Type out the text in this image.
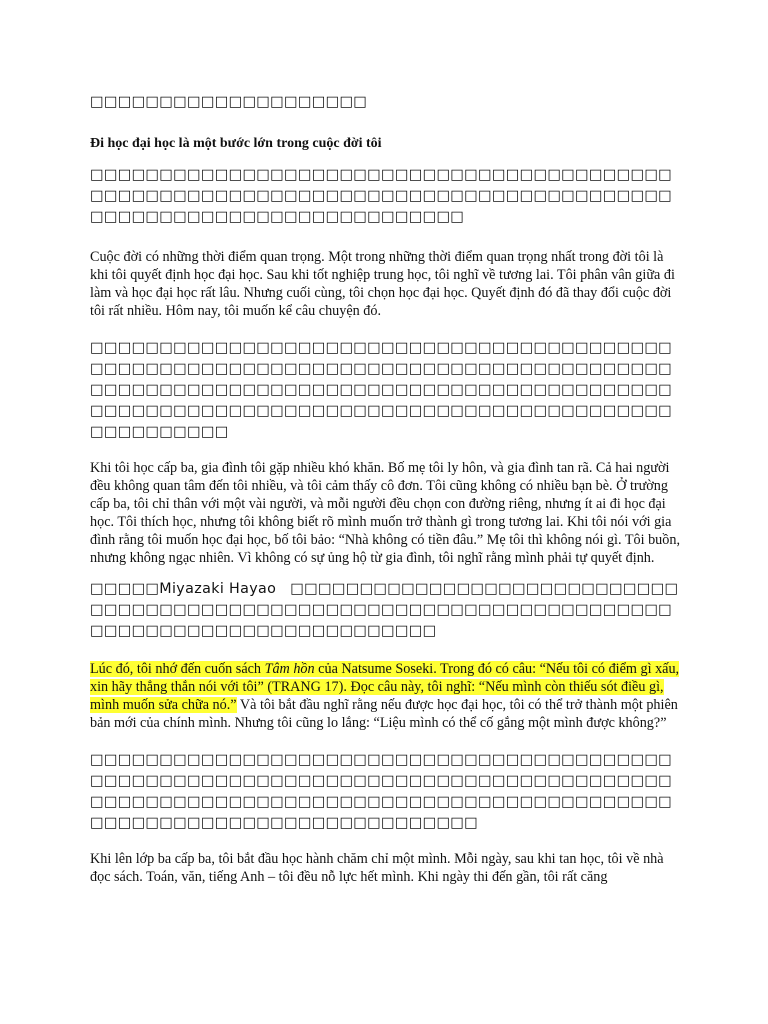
□□□□□□□□□□□□□□□□□□□□

Đi học đại học là một bước lớn trong cuộc đời tôi

□□□□□□□□□□□□□□□□□□□□□□□□□□□□□□□□□□□□□□□□□□□□□□□□□□□□□□□□□□□□□□□□□□□□□□□□□□□□□□□□□□□□□□□□□□□□□□□□□□□□□□□□□□□□□□□

Cuộc đời có những thời điểm quan trọng. Một trong những thời điểm quan trọng nhất trong đời tôi là khi tôi quyết định học đại học. Sau khi tốt nghiệp trung học, tôi nghĩ về tương lai. Tôi phân vân giữa đi làm và học đại học rất lâu. Nhưng cuối cùng, tôi chọn học đại học. Quyết định đó đã thay đổi cuộc đời tôi rất nhiều. Hôm nay, tôi muốn kể câu chuyện đó.

□□□□□□□□□□□□□□□□□□□□□□□□□□□□□□□□□□□□□□□□□□□□□□□□□□□□□□□□□□□□□□□□□□□□□□□□□□□□□□□□□□□□□□□□□□□□□□□□□□□□□□□□□□□□□□□□□□□□□□□□□□□□□□□□□□□□□□□□□□□□□□□□□□□□□□□□□□□□□□□□□□□□□□□□□□□□□□□□□□

Khi tôi học cấp ba, gia đình tôi gặp nhiều khó khăn. Bố mẹ tôi ly hôn, và gia đình tan rã. Cả hai người đều không quan tâm đến tôi nhiều, và tôi cảm thấy cô đơn. Tôi cũng không có nhiều bạn bè. Ở trường cấp ba, tôi chỉ thân với một vài người, và mỗi người đều chọn con đường riêng, nhưng ít ai đi học đại học. Tôi thích học, nhưng tôi không biết rõ mình muốn trở thành gì trong tương lai. Khi tôi nói với gia đình rằng tôi muốn học đại học, bố tôi bảo: “Nhà không có tiền đâu.” Mẹ tôi thì không nói gì. Tôi buồn, nhưng không ngạc nhiên. Vì không có sự ủng hộ từ gia đình, tôi nghĩ rằng mình phải tự quyết định.

□□□□□Miyazaki Hayao □□□□□□□□□□□□□□□□□□□□□□□□□□□□□□□□□□□□□□□□□□□□□□□□□□□□□□□□□□□□□□□□□□□□□□□□□□□□□□□□□□□□□□□□□□□□□□□

Lúc đó, tôi nhớ đến cuốn sách Tâm hồn của Natsume Soseki. Trong đó có câu: “Nếu tôi có điểm gì xấu, xin hãy thẳng thắn nói với tôi” (TRANG 17). Đọc câu này, tôi nghĩ: “Nếu mình còn thiếu sót điều gì, mình muốn sửa chữa nó.” Và tôi bắt đầu nghĩ rằng nếu được học đại học, tôi có thể trở thành một phiên bản mới của chính mình. Nhưng tôi cũng lo lắng: “Liệu mình có thể cố gắng một mình được không?”

□□□□□□□□□□□□□□□□□□□□□□□□□□□□□□□□□□□□□□□□□□□□□□□□□□□□□□□□□□□□□□□□□□□□□□□□□□□□□□□□□□□□□□□□□□□□□□□□□□□□□□□□□□□□□□□□□□□□□□□□□□□□□□□□□□□□□□□□□□□□□□□□□□□□□□□□□□

Khi lên lớp ba cấp ba, tôi bắt đầu học hành chăm chỉ một mình. Mỗi ngày, sau khi tan học, tôi về nhà đọc sách. Toán, văn, tiếng Anh – tôi đều nỗ lực hết mình. Khi ngày thi đến gần, tôi rất căng
